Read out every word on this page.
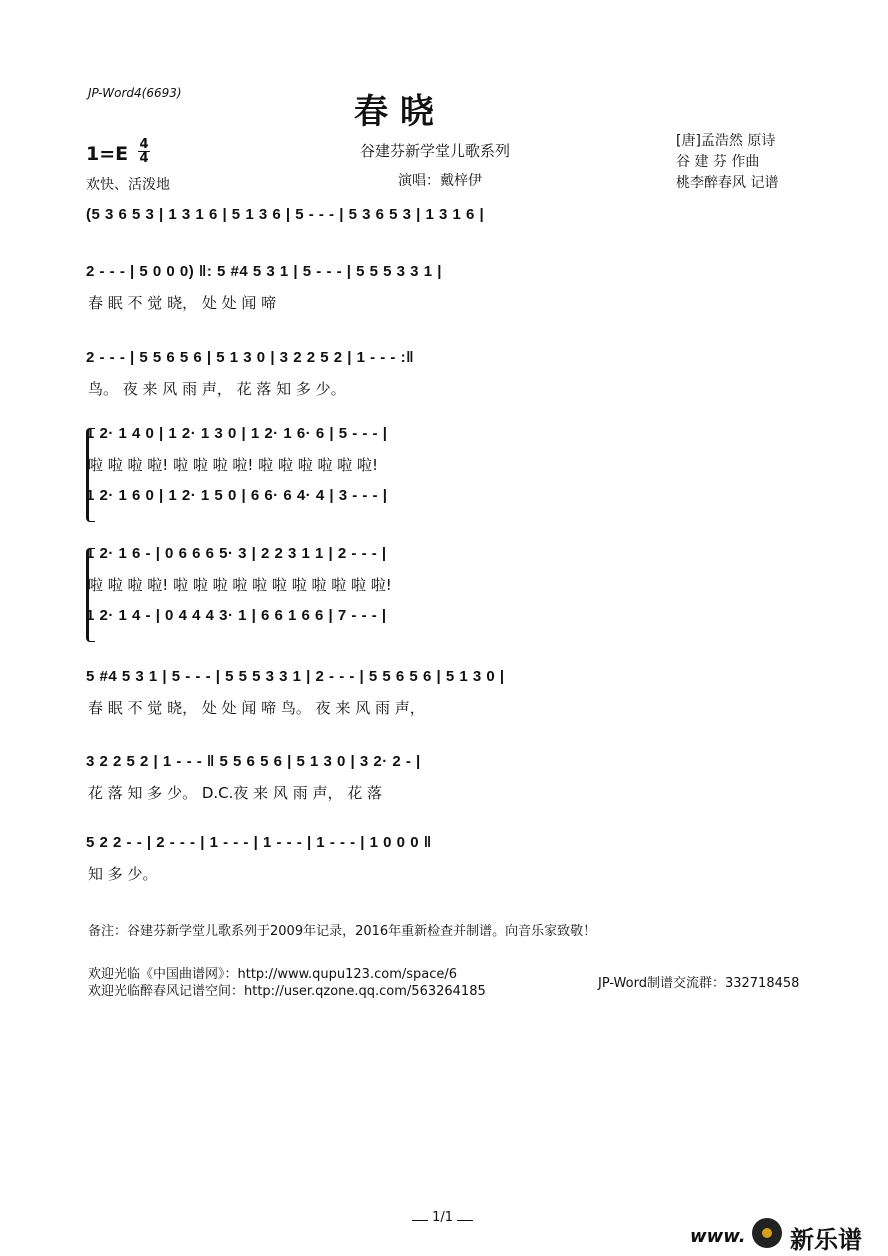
JP-Word4(6693)	春 晓
谷建芬新学堂儿歌系列
演唱：戴梓伊
1=E 4
4
欢快、活泼地
[唐]孟浩然 原诗
谷 建 芬 作曲
桃李醉春风 记谱
(5 3 6 5 3 | 1 3 1 6 | 5 1 3 6 | 5 - - - | 5 3 6 5 3 | 1 3 1 6 |
2 - - - | 5 0 0 0) ‖: 5 #4 5 3 1 | 5 - - - | 5 5 5 3 3 1 |
春 眠 不 觉 晓， 处 处 闻 啼
2 - - - | 5 5 6 5 6 | 5 1 3 0 | 3 2 2 5 2 | 1 - - - :‖
鸟。 夜 来 风 雨 声， 花 落 知 多 少。
1 2· 1 4 0 | 1 2· 1 3 0 | 1 2· 1 6· 6 | 5 - - - |
啦 啦 啦 啦! 啦 啦 啦 啦! 啦 啦 啦 啦 啦 啦!
1 2· 1 6 0 | 1 2· 1 5 0 | 6 6· 6 4· 4 | 3 - - - |
1 2· 1 6 - | 0 6 6 6 5· 3 | 2 2 3 1 1 | 2 - - - |
啦 啦 啦 啦! 啦 啦 啦 啦 啦 啦 啦 啦 啦 啦 啦!
1 2· 1 4 - | 0 4 4 4 3· 1 | 6 6 1 6 6 | 7 - - - |
5 #4 5 3 1 | 5 - - - | 5 5 5 3 3 1 | 2 - - - | 5 5 6 5 6 | 5 1 3 0 |
春 眠 不 觉 晓， 处 处 闻 啼 鸟。 夜 来 风 雨 声，
3 2 2 5 2 | 1 - - - ‖ 5 5 6 5 6 | 5 1 3 0 | 3 2· 2 - |
花 落 知 多 少。 D.C.夜 来 风 雨 声， 花 落
5 2 2 - - | 2 - - - | 1 - - - | 1 - - - | 1 - - - | 1 0 0 0 ‖
知 多 少。
备注：谷建芬新学堂儿歌系列于2009年记录，2016年重新检查并制谱。向音乐家致敬！
欢迎光临《中国曲谱网》：http://www.qupu123.com/space/6
欢迎光临醉春风记谱空间：http://user.qzone.qq.com/563264185
JP-Word制谱交流群：332718458
1/1
www. 新乐谱
